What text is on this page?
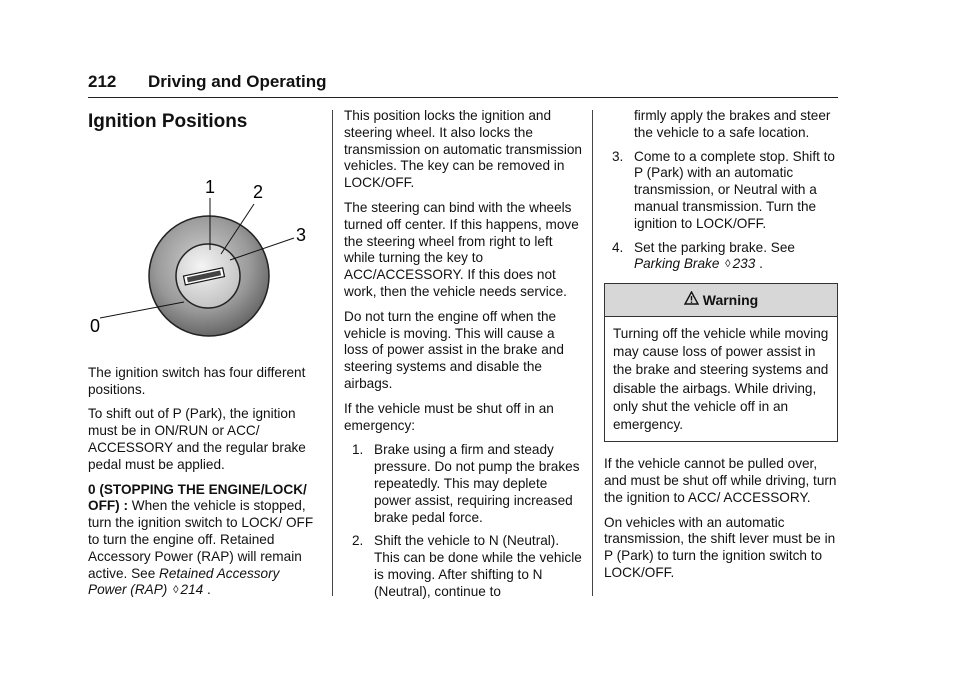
212 Driving and Operating
Ignition Positions
0
1 2
3

The ignition switch has four different positions.

To shift out of P (Park), the ignition must be in ON/RUN or ACC/ ACCESSORY and the regular brake pedal must be applied.

0 (STOPPING THE ENGINE/LOCK/ OFF) : When the vehicle is stopped, turn the ignition switch to LOCK/ OFF to turn the engine off. Retained Accessory Power (RAP) will remain active. See Retained Accessory Power (RAP) ◊ 214 .

This position locks the ignition and steering wheel. It also locks the transmission on automatic transmission vehicles. The key can be removed in LOCK/OFF.

The steering can bind with the wheels turned off center. If this happens, move the steering wheel from right to left while turning the key to ACC/ACCESSORY. If this does not work, then the vehicle needs service.

Do not turn the engine off when the vehicle is moving. This will cause a loss of power assist in the brake and steering systems and disable the airbags.

If the vehicle must be shut off in an emergency:

1. Brake using a firm and steady pressure. Do not pump the brakes repeatedly. This may deplete power assist, requiring increased brake pedal force.
2. Shift the vehicle to N (Neutral). This can be done while the vehicle is moving. After shifting to N (Neutral), continue to
firmly apply the brakes and steer the vehicle to a safe location.
3. Come to a complete stop. Shift to P (Park) with an automatic transmission, or Neutral with a manual transmission. Turn the ignition to LOCK/OFF.
4. Set the parking brake. See Parking Brake ◊ 233 .
Warning
Turning off the vehicle while moving may cause loss of power assist in the brake and steering systems and disable the airbags. While driving, only shut the vehicle off in an emergency.

If the vehicle cannot be pulled over, and must be shut off while driving, turn the ignition to ACC/ ACCESSORY.

On vehicles with an automatic transmission, the shift lever must be in P (Park) to turn the ignition switch to LOCK/OFF.
